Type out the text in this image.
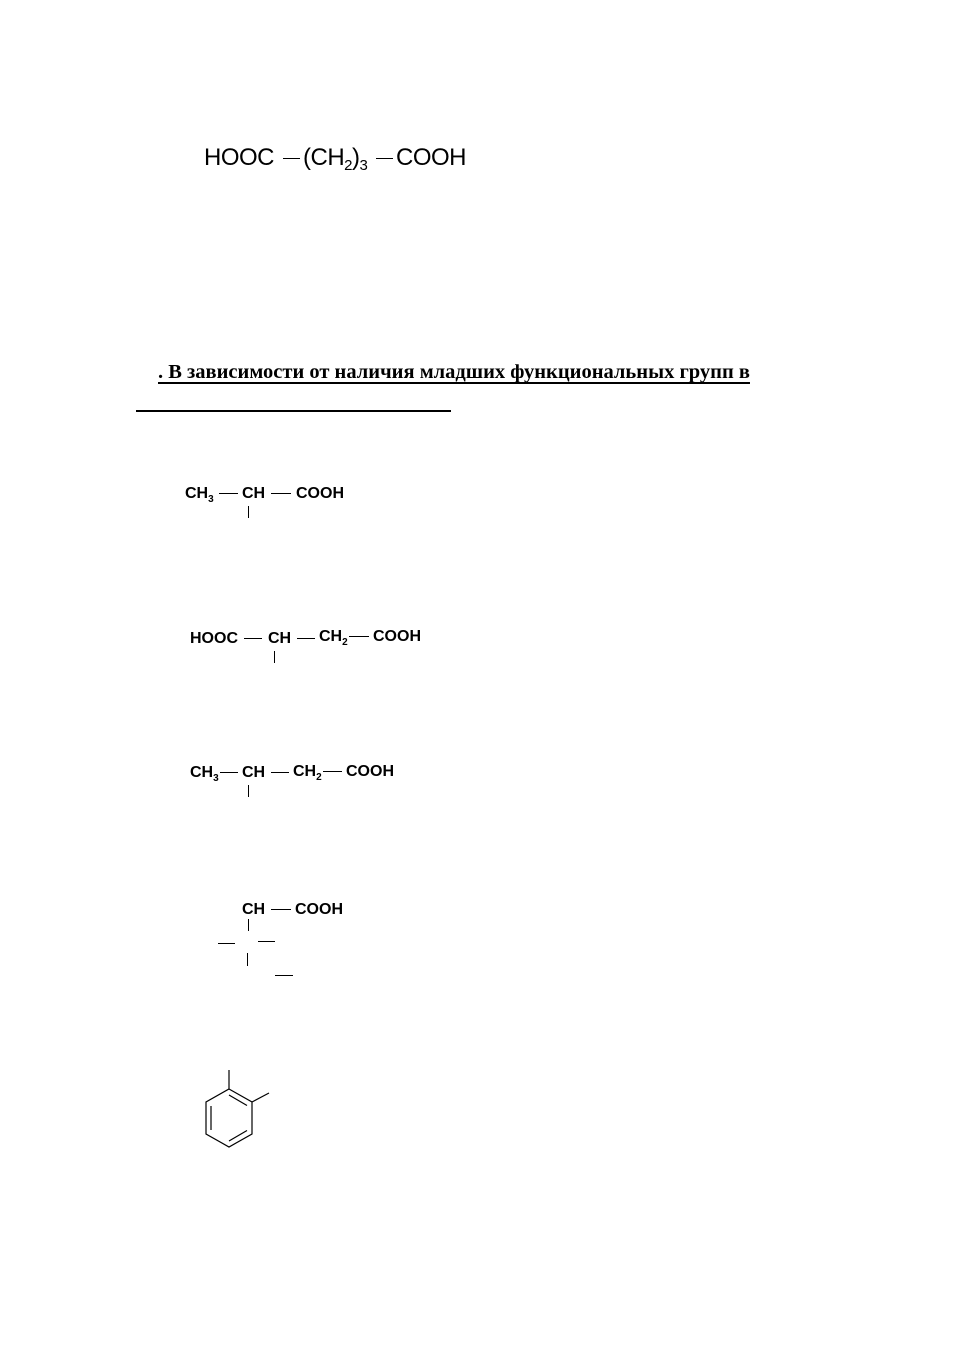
HOOC $(CH_2)_3$ COOH
. В зависимости от наличия младших функциональных групп в
$CH_3$ CH COOH
HOOC CH $CH_2$ COOH
$CH_3$ CH $CH_2$ COOH
CH COOH
